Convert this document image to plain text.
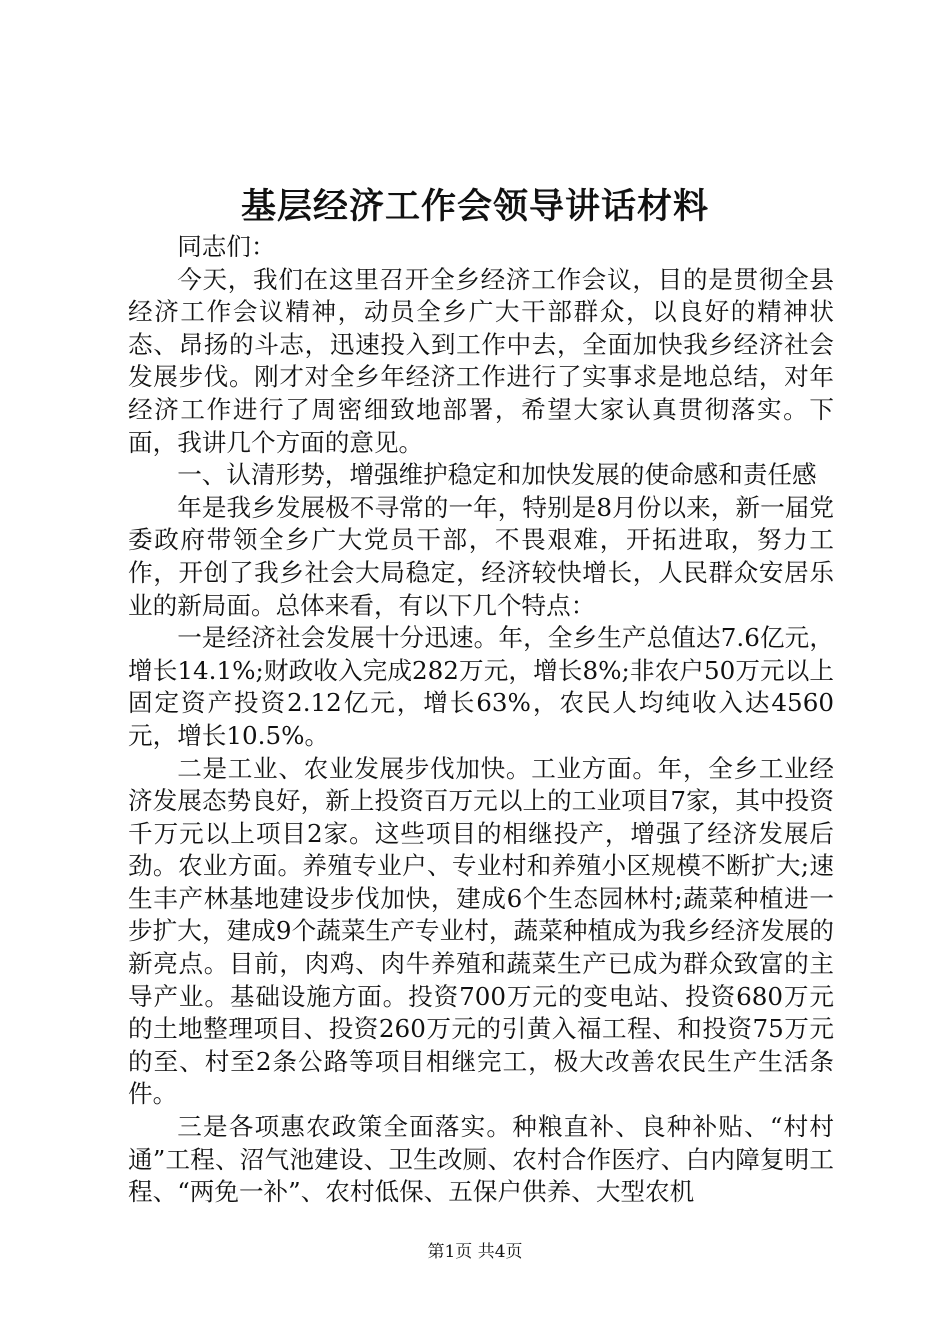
基层经济工作会领导讲话材料

同志们：

今天，我们在这里召开全乡经济工作会议，目的是贯彻全县经济工作会议精神，动员全乡广大干部群众，以良好的精神状态、昂扬的斗志，迅速投入到工作中去，全面加快我乡经济社会发展步伐。刚才对全乡年经济工作进行了实事求是地总结，对年经济工作进行了周密细致地部署，希望大家认真贯彻落实。下面，我讲几个方面的意见。

一、认清形势，增强维护稳定和加快发展的使命感和责任感

年是我乡发展极不寻常的一年，特别是8月份以来，新一届党委政府带领全乡广大党员干部，不畏艰难，开拓进取，努力工作，开创了我乡社会大局稳定，经济较快增长，人民群众安居乐业的新局面。总体来看，有以下几个特点：

一是经济社会发展十分迅速。年，全乡生产总值达7.6亿元，增长14.1%;财政收入完成282万元，增长8%;非农户50万元以上固定资产投资2.12亿元，增长63%，农民人均纯收入达4560元，增长10.5%。

二是工业、农业发展步伐加快。工业方面。年，全乡工业经济发展态势良好，新上投资百万元以上的工业项目7家，其中投资千万元以上项目2家。这些项目的相继投产，增强了经济发展后劲。农业方面。养殖专业户、专业村和养殖小区规模不断扩大;速生丰产林基地建设步伐加快，建成6个生态园林村;蔬菜种植进一步扩大，建成9个蔬菜生产专业村，蔬菜种植成为我乡经济发展的新亮点。目前，肉鸡、肉牛养殖和蔬菜生产已成为群众致富的主导产业。基础设施方面。投资700万元的变电站、投资680万元的土地整理项目、投资260万元的引黄入福工程、和投资75万元的至、村至2条公路等项目相继完工，极大改善农民生产生活条件。

三是各项惠农政策全面落实。种粮直补、良种补贴、“村村通”工程、沼气池建设、卫生改厕、农村合作医疗、白内障复明工程、“两免一补”、农村低保、五保户供养、大型农机

第1页 共4页
